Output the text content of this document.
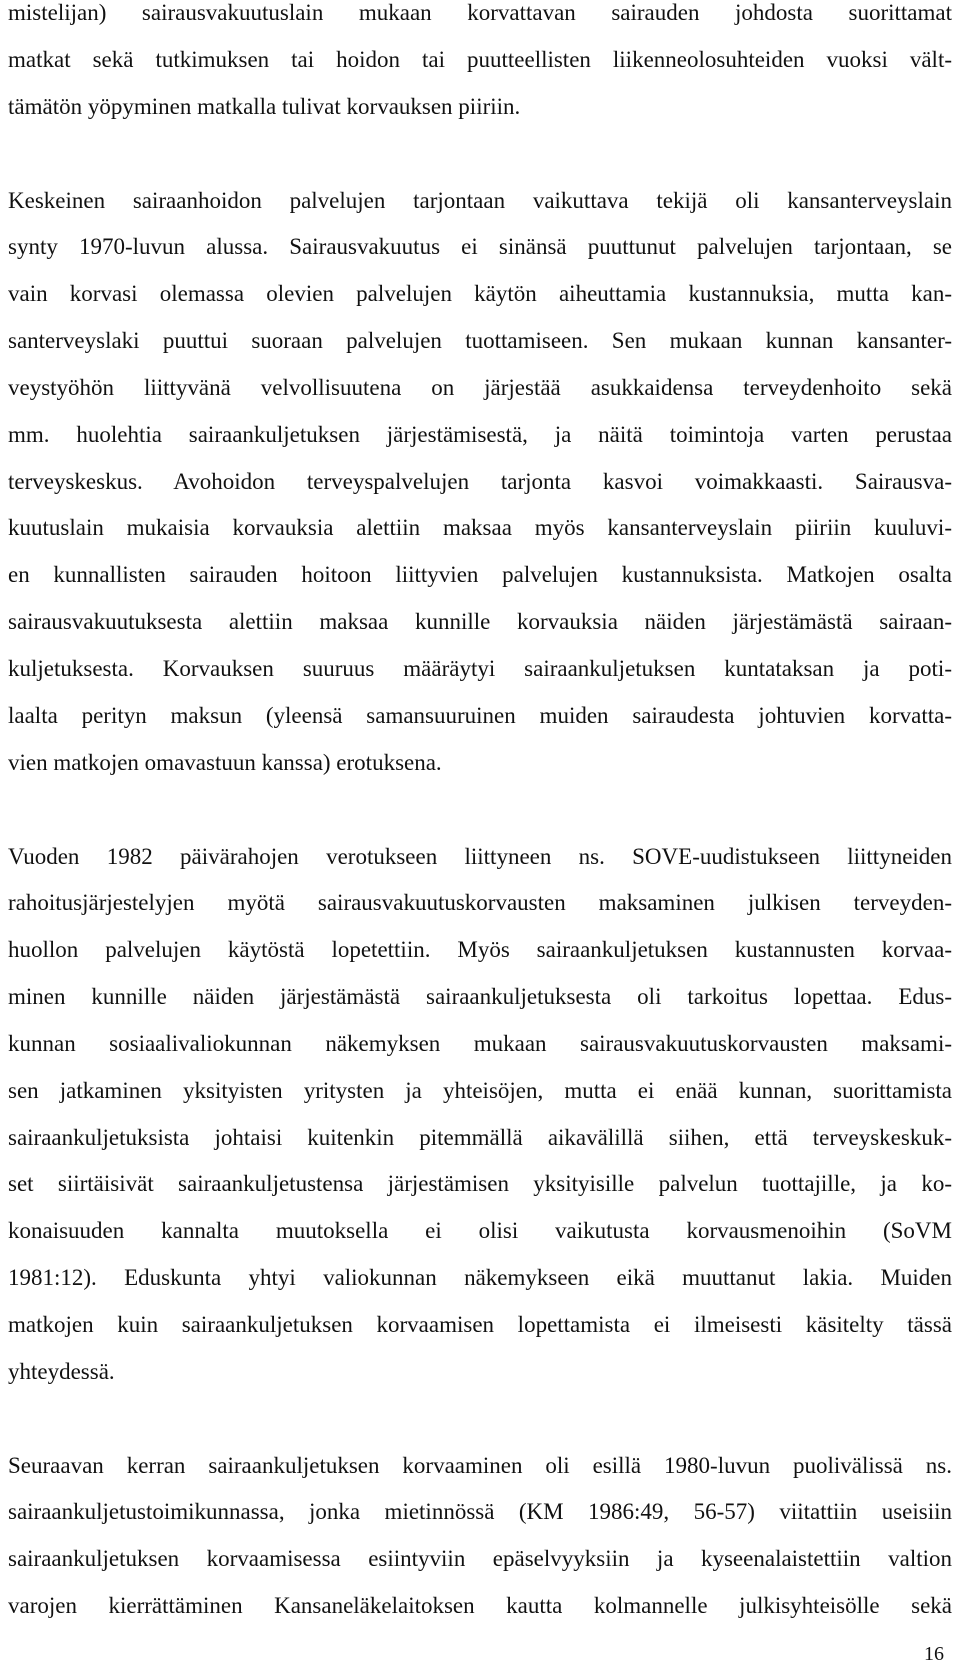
mistelijan) sairausvakuutuslain mukaan korvattavan sairauden johdosta suorittamat
matkat sekä tutkimuksen tai hoidon tai puutteellisten liikenneolosuhteiden vuoksi vält-
tämätön yöpyminen matkalla tulivat korvauksen piiriin.
Keskeinen sairaanhoidon palvelujen tarjontaan vaikuttava tekijä oli kansanterveyslain
synty 1970-luvun alussa. Sairausvakuutus ei sinänsä puuttunut palvelujen tarjontaan, se
vain korvasi olemassa olevien palvelujen käytön aiheuttamia kustannuksia, mutta kan-
santerveyslaki puuttui suoraan palvelujen tuottamiseen. Sen mukaan kunnan kansanter-
veystyöhön liittyvänä velvollisuutena on järjestää asukkaidensa terveydenhoito sekä
mm. huolehtia sairaankuljetuksen järjestämisestä, ja näitä toimintoja varten perustaa
terveyskeskus. Avohoidon terveyspalvelujen tarjonta kasvoi voimakkaasti. Sairausva-
kuutuslain mukaisia korvauksia alettiin maksaa myös kansanterveyslain piiriin kuuluvi-
en kunnallisten sairauden hoitoon liittyvien palvelujen kustannuksista. Matkojen osalta
sairausvakuutuksesta alettiin maksaa kunnille korvauksia näiden järjestämästä sairaan-
kuljetuksesta. Korvauksen suuruus määräytyi sairaankuljetuksen kuntataksan ja poti-
laalta perityn maksun (yleensä samansuuruinen muiden sairaudesta johtuvien korvatta-
vien matkojen omavastuun kanssa) erotuksena.
Vuoden 1982 päivärahojen verotukseen liittyneen ns. SOVE-uudistukseen liittyneiden
rahoitusjärjestelyjen myötä sairausvakuutuskorvausten maksaminen julkisen terveyden-
huollon palvelujen käytöstä lopetettiin. Myös sairaankuljetuksen kustannusten korvaa-
minen kunnille näiden järjestämästä sairaankuljetuksesta oli tarkoitus lopettaa. Edus-
kunnan sosiaalivaliokunnan näkemyksen mukaan sairausvakuutuskorvausten maksami-
sen jatkaminen yksityisten yritysten ja yhteisöjen, mutta ei enää kunnan, suorittamista
sairaankuljetuksista johtaisi kuitenkin pitemmällä aikavälillä siihen, että terveyskeskuk-
set siirtäisivät sairaankuljetustensa järjestämisen yksityisille palvelun tuottajille, ja ko-
konaisuuden kannalta muutoksella ei olisi vaikutusta korvausmenoihin (SoVM
1981:12). Eduskunta yhtyi valiokunnan näkemykseen eikä muuttanut lakia. Muiden
matkojen kuin sairaankuljetuksen korvaamisen lopettamista ei ilmeisesti käsitelty tässä
yhteydessä.
Seuraavan kerran sairaankuljetuksen korvaaminen oli esillä 1980-luvun puolivälissä ns.
sairaankuljetustoimikunnassa, jonka mietinnössä (KM 1986:49, 56-57) viitattiin useisiin
sairaankuljetuksen korvaamisessa esiintyviin epäselvyyksiin ja kyseenalaistettiin valtion
varojen kierrättäminen Kansaneläkelaitoksen kautta kolmannelle julkisyhteisölle sekä
16
